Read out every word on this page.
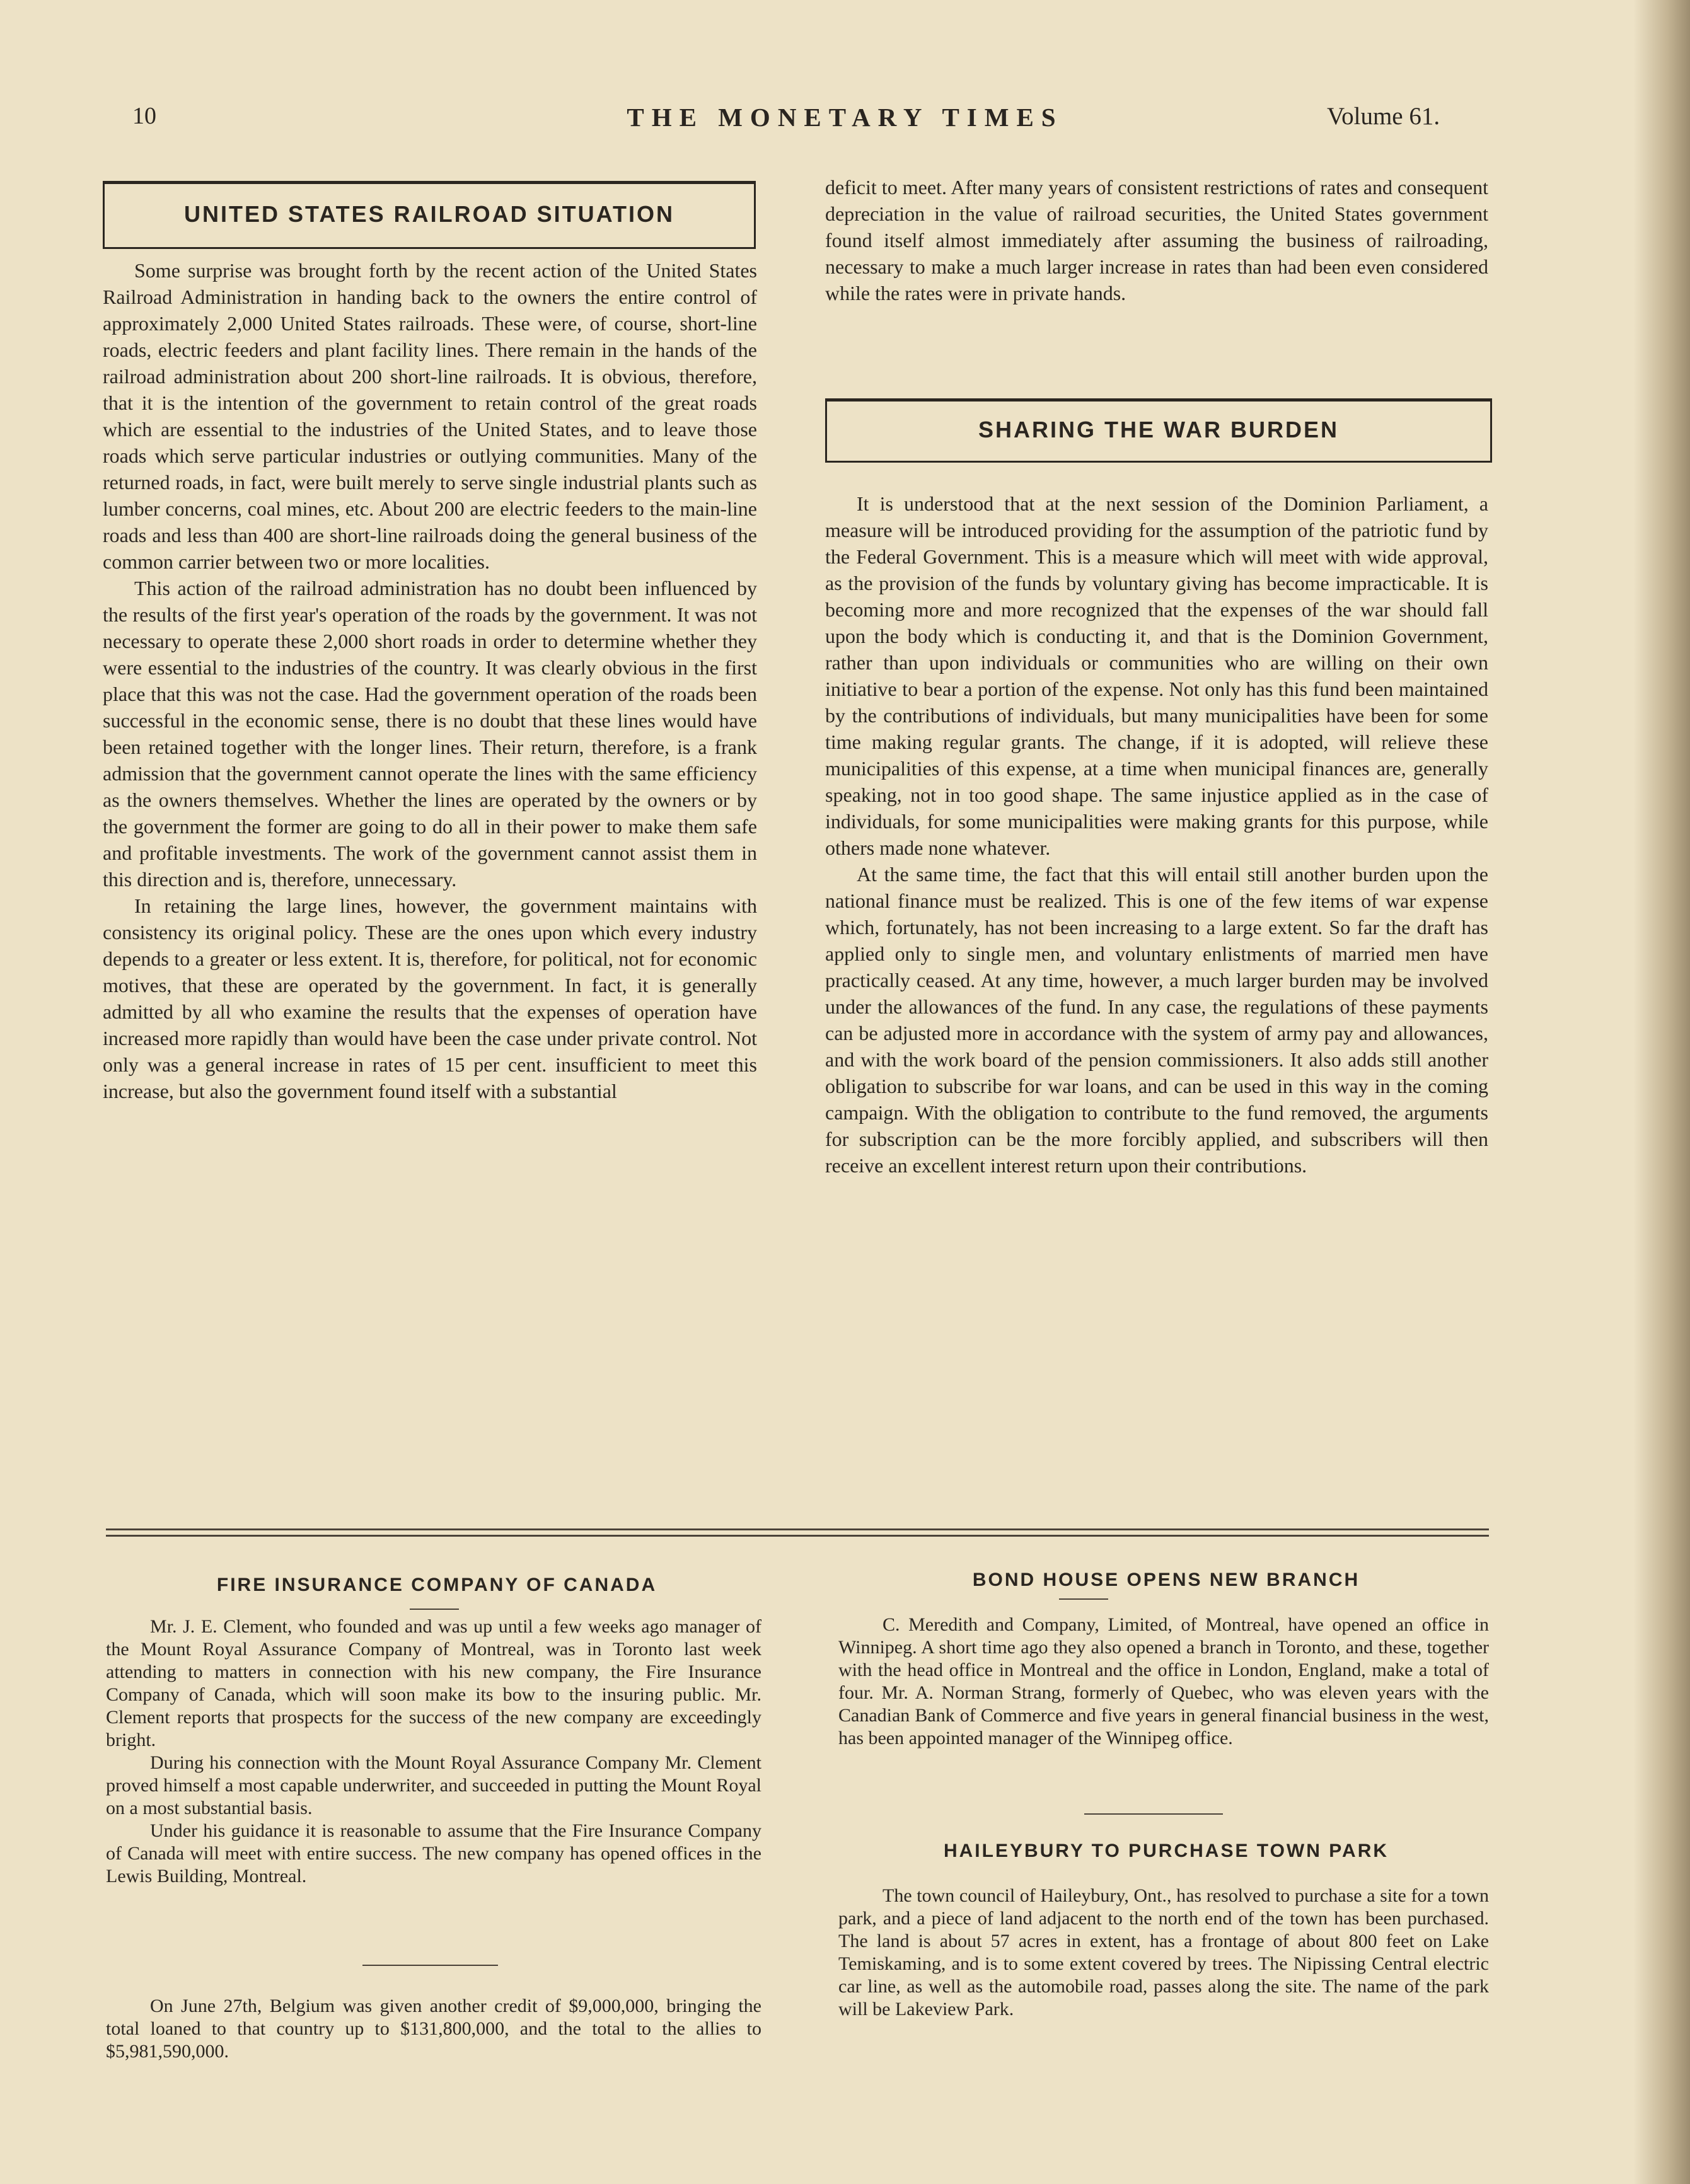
10	THE MONETARY TIMES	Volume 61.
UNITED STATES RAILROAD SITUATION

Some surprise was brought forth by the recent action of the United States Railroad Administration in handing back to the owners the entire control of approximately 2,000 United States railroads. These were, of course, short-line roads, electric feeders and plant facility lines. There remain in the hands of the railroad administration about 200 short-line railroads. It is obvious, therefore, that it is the intention of the government to retain control of the great roads which are essential to the industries of the United States, and to leave those roads which serve particular industries or outlying communities. Many of the returned roads, in fact, were built merely to serve single industrial plants such as lumber concerns, coal mines, etc. About 200 are electric feeders to the main-line roads and less than 400 are short-line railroads doing the general business of the common carrier between two or more localities.

This action of the railroad administration has no doubt been influenced by the results of the first year's operation of the roads by the government. It was not necessary to operate these 2,000 short roads in order to determine whether they were essential to the industries of the country. It was clearly obvious in the first place that this was not the case. Had the government operation of the roads been successful in the economic sense, there is no doubt that these lines would have been retained together with the longer lines. Their return, therefore, is a frank admission that the government cannot operate the lines with the same efficiency as the owners themselves. Whether the lines are operated by the owners or by the government the former are going to do all in their power to make them safe and profitable investments. The work of the government cannot assist them in this direction and is, therefore, unnecessary.

In retaining the large lines, however, the government maintains with consistency its original policy. These are the ones upon which every industry depends to a greater or less extent. It is, therefore, for political, not for economic motives, that these are operated by the government. In fact, it is generally admitted by all who examine the results that the expenses of operation have increased more rapidly than would have been the case under private control. Not only was a general increase in rates of 15 per cent. insufficient to meet this increase, but also the government found itself with a substantial

deficit to meet. After many years of consistent restrictions of rates and consequent depreciation in the value of railroad securities, the United States government found itself almost immediately after assuming the business of railroading, necessary to make a much larger increase in rates than had been even considered while the rates were in private hands.

SHARING THE WAR BURDEN

It is understood that at the next session of the Dominion Parliament, a measure will be introduced providing for the assumption of the patriotic fund by the Federal Government. This is a measure which will meet with wide approval, as the provision of the funds by voluntary giving has become impracticable. It is becoming more and more recognized that the expenses of the war should fall upon the body which is conducting it, and that is the Dominion Government, rather than upon individuals or communities who are willing on their own initiative to bear a portion of the expense. Not only has this fund been maintained by the contributions of individuals, but many municipalities have been for some time making regular grants. The change, if it is adopted, will relieve these municipalities of this expense, at a time when municipal finances are, generally speaking, not in too good shape. The same injustice applied as in the case of individuals, for some municipalities were making grants for this purpose, while others made none whatever.

At the same time, the fact that this will entail still another burden upon the national finance must be realized. This is one of the few items of war expense which, fortunately, has not been increasing to a large extent. So far the draft has applied only to single men, and voluntary enlistments of married men have practically ceased. At any time, however, a much larger burden may be involved under the allowances of the fund. In any case, the regulations of these payments can be adjusted more in accordance with the system of army pay and allowances, and with the work board of the pension commissioners. It also adds still another obligation to subscribe for war loans, and can be used in this way in the coming campaign. With the obligation to contribute to the fund removed, the arguments for subscription can be the more forcibly applied, and subscribers will then receive an excellent interest return upon their contributions.

FIRE INSURANCE COMPANY OF CANADA

Mr. J. E. Clement, who founded and was up until a few weeks ago manager of the Mount Royal Assurance Company of Montreal, was in Toronto last week attending to matters in connection with his new company, the Fire Insurance Company of Canada, which will soon make its bow to the insuring public. Mr. Clement reports that prospects for the success of the new company are exceedingly bright.

During his connection with the Mount Royal Assurance Company Mr. Clement proved himself a most capable underwriter, and succeeded in putting the Mount Royal on a most substantial basis.

Under his guidance it is reasonable to assume that the Fire Insurance Company of Canada will meet with entire success. The new company has opened offices in the Lewis Building, Montreal.

On June 27th, Belgium was given another credit of $9,000,000, bringing the total loaned to that country up to $131,800,000, and the total to the allies to $5,981,590,000.

BOND HOUSE OPENS NEW BRANCH

C. Meredith and Company, Limited, of Montreal, have opened an office in Winnipeg. A short time ago they also opened a branch in Toronto, and these, together with the head office in Montreal and the office in London, England, make a total of four. Mr. A. Norman Strang, formerly of Quebec, who was eleven years with the Canadian Bank of Commerce and five years in general financial business in the west, has been appointed manager of the Winnipeg office.

HAILEYBURY TO PURCHASE TOWN PARK

The town council of Haileybury, Ont., has resolved to purchase a site for a town park, and a piece of land adjacent to the north end of the town has been purchased. The land is about 57 acres in extent, has a frontage of about 800 feet on Lake Temiskaming, and is to some extent covered by trees. The Nipissing Central electric car line, as well as the automobile road, passes along the site. The name of the park will be Lakeview Park.
